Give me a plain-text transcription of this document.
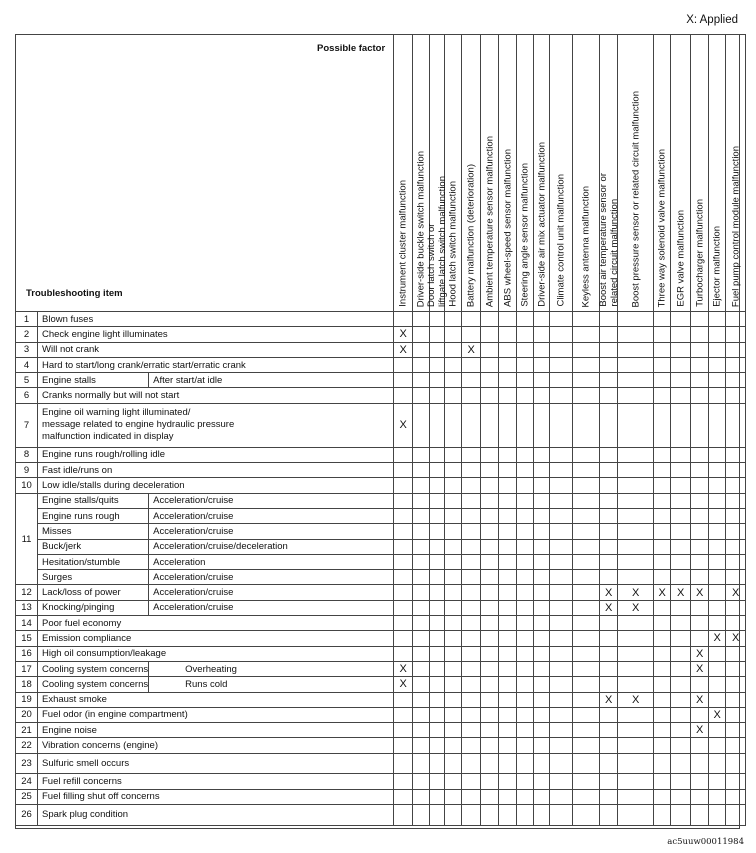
X: Applied
Possible factor
Troubleshooting item			Instrument cluster malfunction	Driver-side buckle switch malfunction	Door latch switch or liftgate latch switch malfunction	Hood latch switch malfunction	Battery malfunction (deterioration)	Ambient temperature sensor malfunction	ABS wheel-speed sensor malfunction	Steering angle sensor malfunction	Driver-side air mix actuator malfunction	Climate control unit malfunction	Keyless antenna malfunction	Boost air temperature sensor or related circuit malfunction	Boost pressure sensor or related circuit malfunction	Three way solenoid valve malfunction	EGR valve malfunction	Turbocharger malfunction	Ejector malfunction	Fuel pump control module malfunction

1	Blown fuses																			
2	Check engine light illuminates		X																	
3	Will not crank		X				X													
4	Hard to start/long crank/erratic start/erratic crank																			
5	Engine stalls	After start/at idle																		
6	Cranks normally but will not start																			
7	Engine oil warning light illuminated/
message related to engine hydraulic pressure
malfunction indicated in display		X																	
8	Engine runs rough/rolling idle																			
9	Fast idle/runs on																			
10	Low idle/stalls during deceleration																			
11	Engine stalls/quits	Acceleration/cruise																		
	Engine runs rough	Acceleration/cruise																		
	Misses	Acceleration/cruise																		
	Buck/jerk	Acceleration/cruise/deceleration																		
	Hesitation/stumble	Acceleration																		
	Surges	Acceleration/cruise																		
12	Lack/loss of power	Acceleration/cruise												X	X	X	X	X		X
13	Knocking/pinging	Acceleration/cruise												X	X					
14	Poor fuel economy																			
15	Emission compliance																		X	X
16	High oil consumption/leakage																	X		
17	Cooling system concerns	Overheating	X															X		
18	Cooling system concerns	Runs cold	X																	
19	Exhaust smoke													X	X			X		
20	Fuel odor (in engine compartment)																		X	
21	Engine noise																	X		
22	Vibration concerns (engine)																			
23	Sulfuric smell occurs																			
24	Fuel refill concerns																			
25	Fuel filling shut off concerns																			
26	Spark plug condition																			
ac5uuw00011984
